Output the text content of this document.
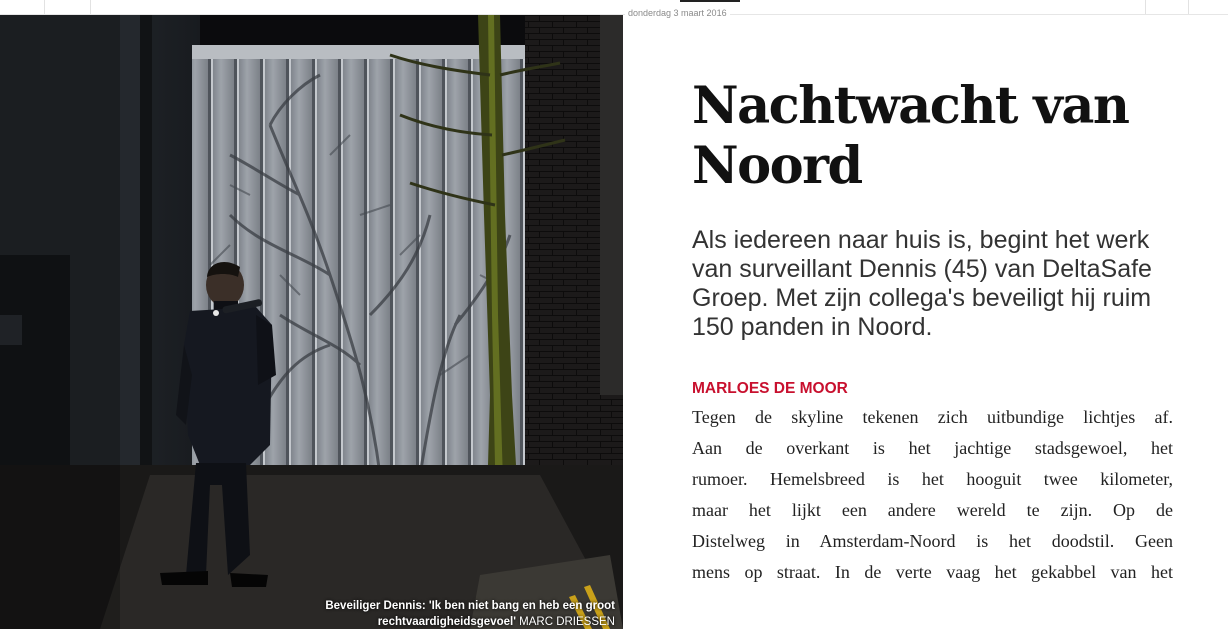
donderdag 3 maart 2016
Beveiliger Dennis: 'Ik ben niet bang en heb een groot rechtvaardigheidsgevoel' MARC DRIESSEN
Nachtwacht van
Noord

Als iedereen naar huis is, begint het werk van surveillant Dennis (45) van DeltaSafe Groep. Met zijn collega's beveiligt hij ruim 150 panden in Noord.

MARLOES DE MOOR

Tegen de skyline tekenen zich uitbundige lichtjes af.
Aan de overkant is het jachtige stadsgewoel, het
rumoer. Hemelsbreed is het hooguit twee kilometer,
maar het lijkt een andere wereld te zijn. Op de
Distelweg in Amsterdam-Noord is het doodstil. Geen
mens op straat. In de verte vaag het gekabbel van het
